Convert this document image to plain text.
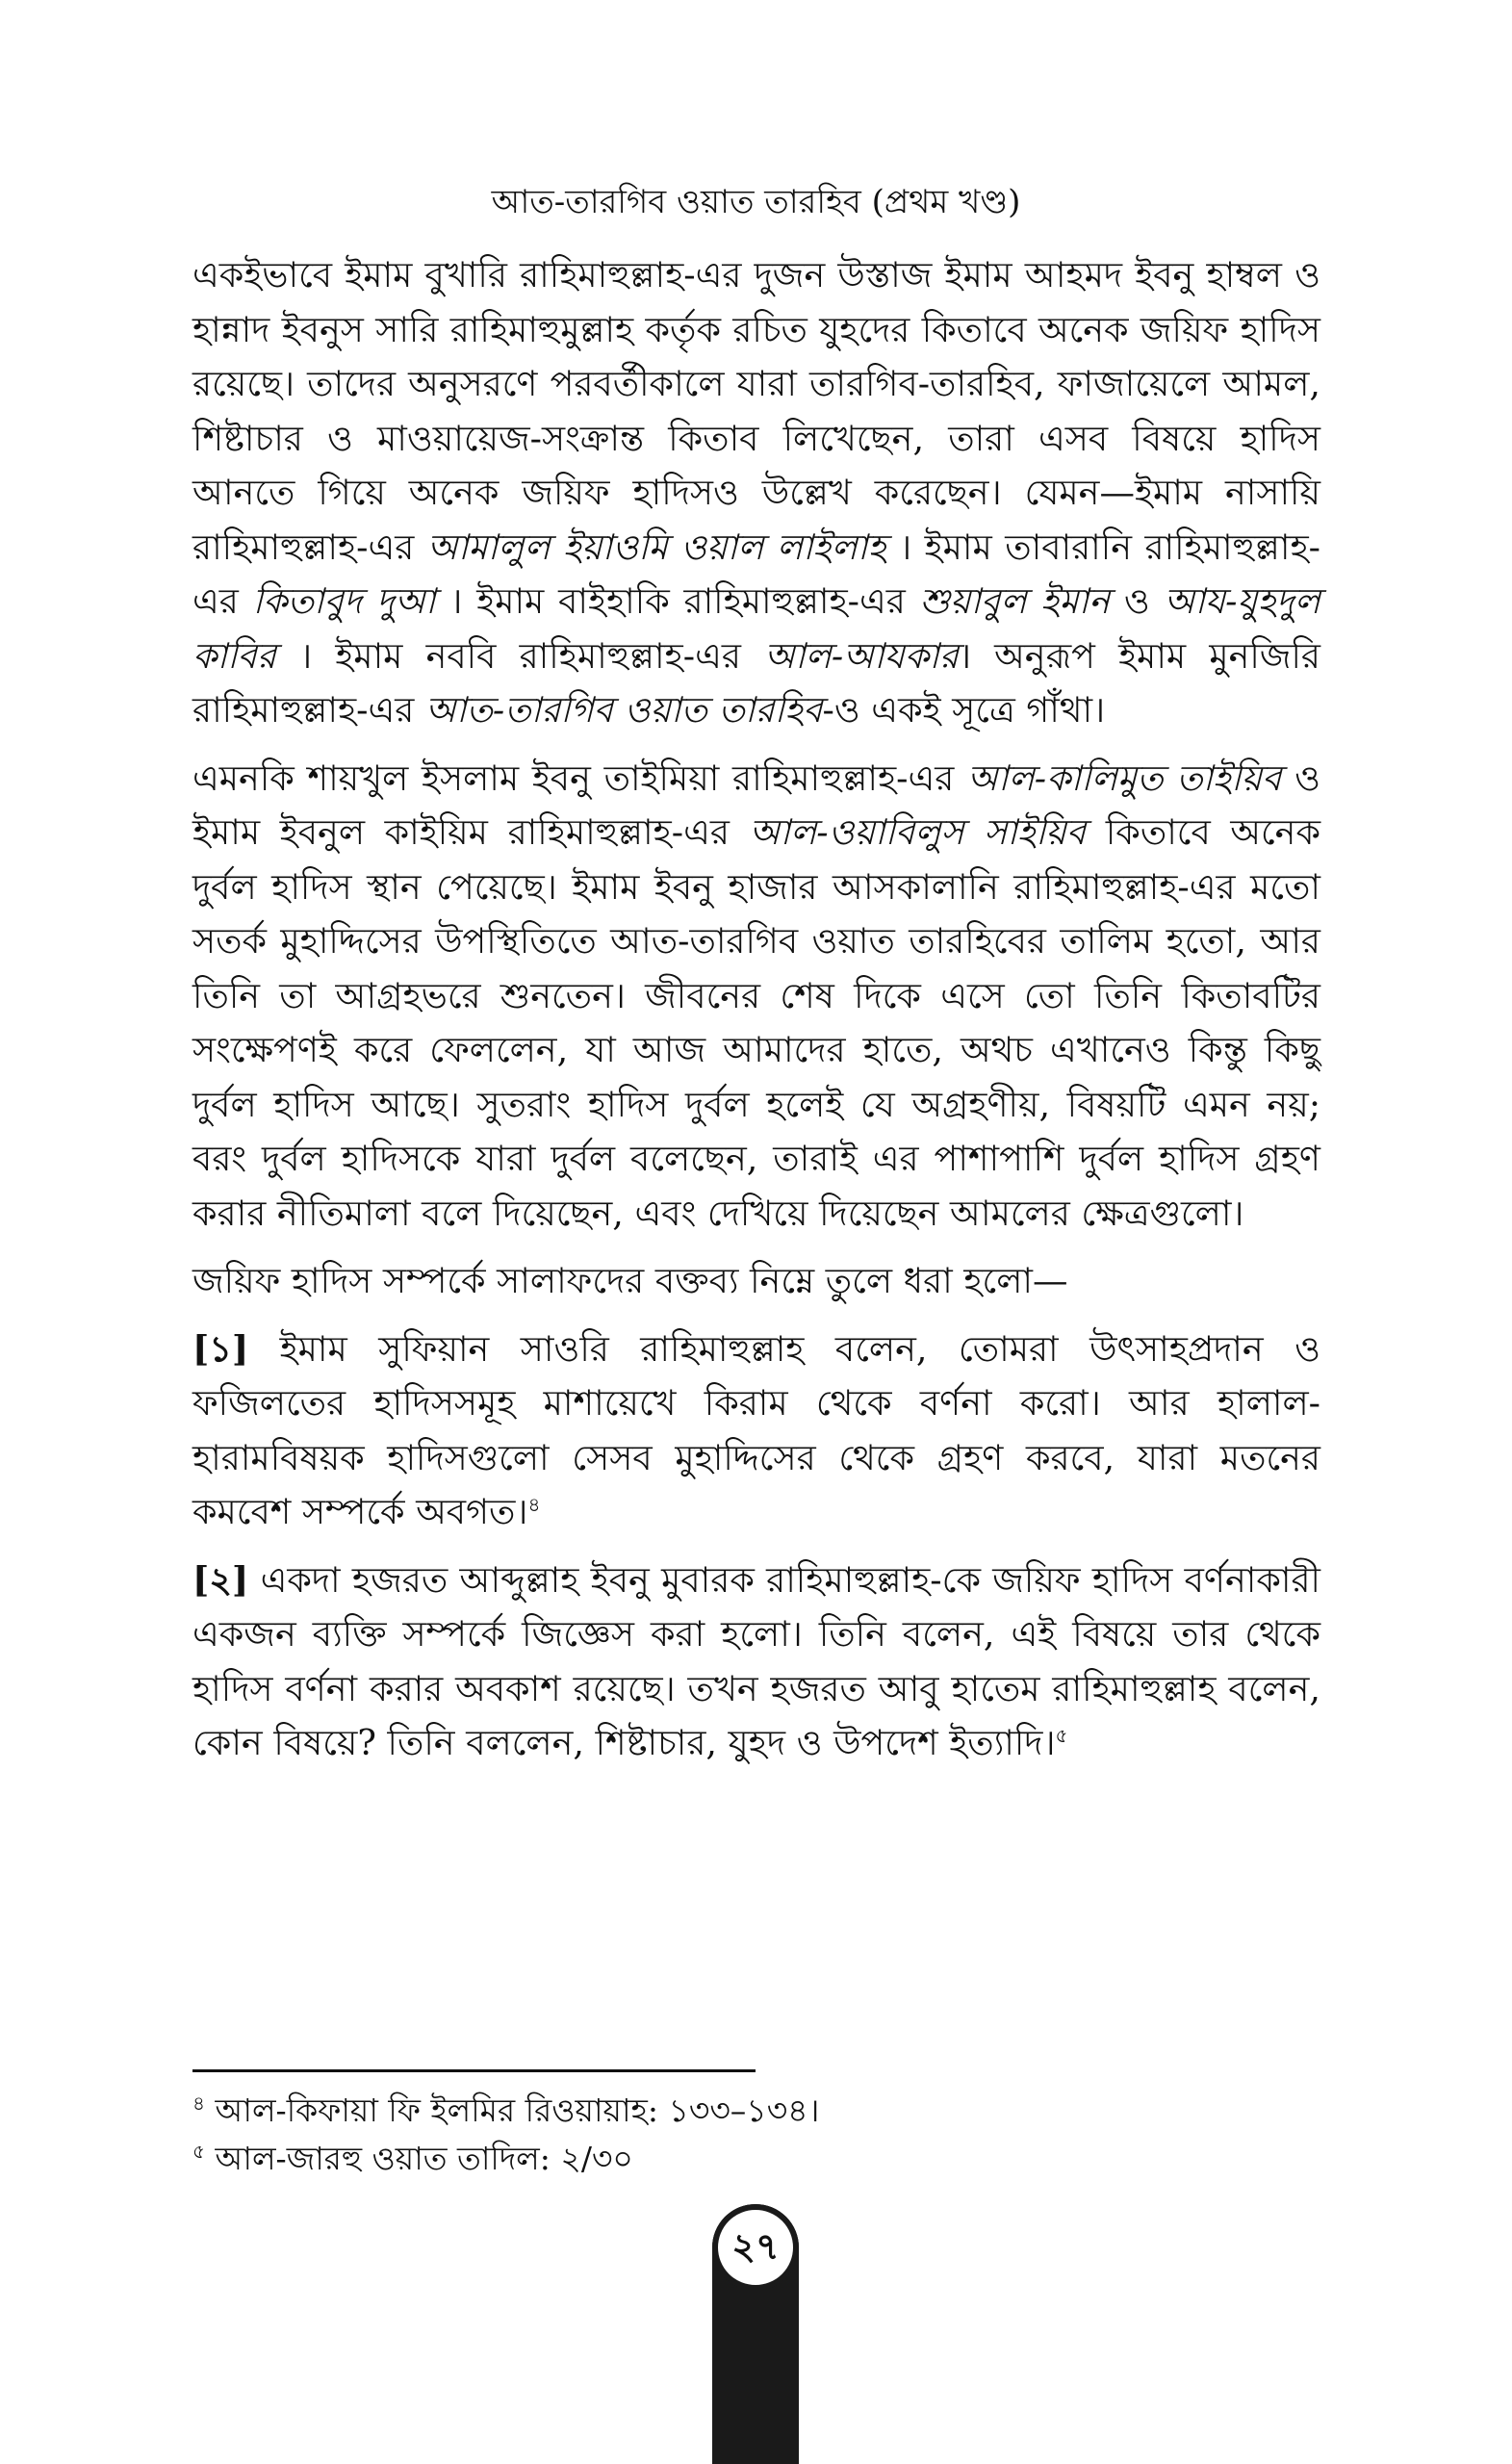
আত-তারগিব ওয়াত তারহিব (প্রথম খণ্ড)

একইভাবে ইমাম বুখারি রাহিমাহুল্লাহ-এর দুজন উস্তাজ ইমাম আহমদ ইবনু হাম্বল ও হান্নাদ ইবনুস সারি রাহিমাহুমুল্লাহ কর্তৃক রচিত যুহদের কিতাবে অনেক জয়িফ হাদিস রয়েছে। তাদের অনুসরণে পরবর্তীকালে যারা তারগিব-তারহিব, ফাজায়েলে আমল, শিষ্টাচার ও মাওয়ায়েজ-সংক্রান্ত কিতাব লিখেছেন, তারা এসব বিষয়ে হাদিস আনতে গিয়ে অনেক জয়িফ হাদিসও উল্লেখ করেছেন। যেমন—ইমাম নাসায়ি রাহিমাহুল্লাহ-এর আমালুল ইয়াওমি ওয়াল লাইলাহ । ইমাম তাবারানি রাহিমাহুল্লাহ-এর কিতাবুদ দুআ । ইমাম বাইহাকি রাহিমাহুল্লাহ-এর শুয়াবুল ইমান ও আয-যুহদুল কাবির । ইমাম নববি রাহিমাহুল্লাহ-এর আল-আযকার। অনুরূপ ইমাম মুনজিরি রাহিমাহুল্লাহ-এর আত-তারগিব ওয়াত তারহিব-ও একই সূত্রে গাঁথা।

এমনকি শায়খুল ইসলাম ইবনু তাইমিয়া রাহিমাহুল্লাহ-এর আল-কালিমুত তাইয়িব ও ইমাম ইবনুল কাইয়িম রাহিমাহুল্লাহ-এর আল-ওয়াবিলুস সাইয়িব কিতাবে অনেক দুর্বল হাদিস স্থান পেয়েছে। ইমাম ইবনু হাজার আসকালানি রাহিমাহুল্লাহ-এর মতো সতর্ক মুহাদ্দিসের উপস্থিতিতে আত-তারগিব ওয়াত তারহিবের তালিম হতো, আর তিনি তা আগ্রহভরে শুনতেন। জীবনের শেষ দিকে এসে তো তিনি কিতাবটির সংক্ষেপণই করে ফেললেন, যা আজ আমাদের হাতে, অথচ এখানেও কিন্তু কিছু দুর্বল হাদিস আছে। সুতরাং হাদিস দুর্বল হলেই যে অগ্রহণীয়, বিষয়টি এমন নয়; বরং দুর্বল হাদিসকে যারা দুর্বল বলেছেন, তারাই এর পাশাপাশি দুর্বল হাদিস গ্রহণ করার নীতিমালা বলে দিয়েছেন, এবং দেখিয়ে দিয়েছেন আমলের ক্ষেত্রগুলো।

জয়িফ হাদিস সম্পর্কে সালাফদের বক্তব্য নিম্নে তুলে ধরা হলো—

[১] ইমাম সুফিয়ান সাওরি রাহিমাহুল্লাহ বলেন, তোমরা উৎসাহপ্রদান ও ফজিলতের হাদিসসমূহ মাশায়েখে কিরাম থেকে বর্ণনা করো। আর হালাল-হারামবিষয়ক হাদিসগুলো সেসব মুহাদ্দিসের থেকে গ্রহণ করবে, যারা মতনের কমবেশ সম্পর্কে অবগত।$^৪$

[২] একদা হজরত আব্দুল্লাহ ইবনু মুবারক রাহিমাহুল্লাহ-কে জয়িফ হাদিস বর্ণনাকারী একজন ব্যক্তি সম্পর্কে জিজ্ঞেস করা হলো। তিনি বলেন, এই বিষয়ে তার থেকে হাদিস বর্ণনা করার অবকাশ রয়েছে। তখন হজরত আবু হাতেম রাহিমাহুল্লাহ বলেন, কোন বিষয়ে? তিনি বললেন, শিষ্টাচার, যুহদ ও উপদেশ ইত্যাদি।$^৫$

$^৪$ আল-কিফায়া ফি ইলমির রিওয়ায়াহ: ১৩৩–১৩৪।
$^৫$ আল-জারহু ওয়াত তাদিল: ২/৩০
২৭
